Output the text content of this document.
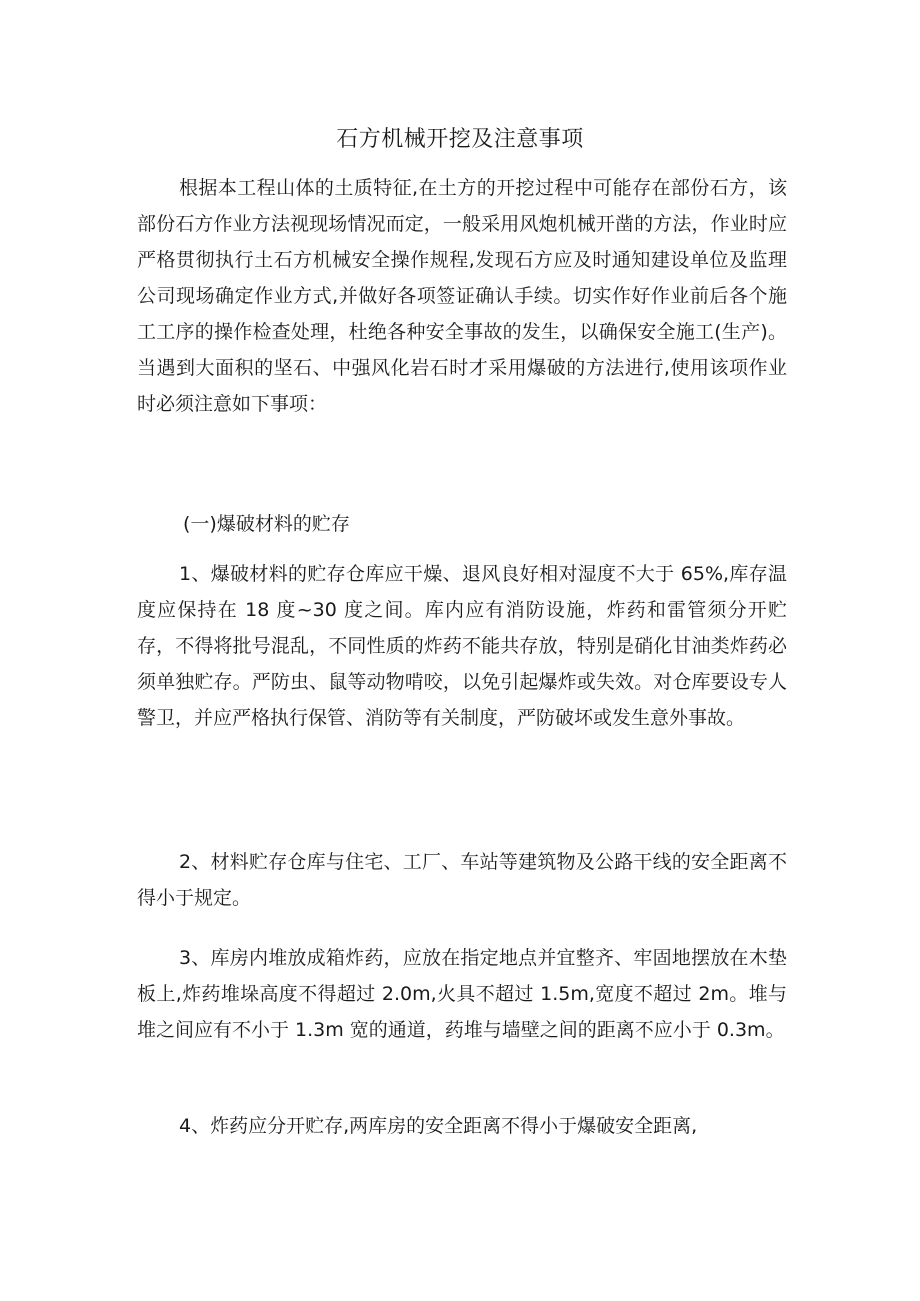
石方机械开挖及注意事项

根据本工程山体的土质特征,在土方的开挖过程中可能存在部份石方，该部份石方作业方法视现场情况而定，一般采用风炮机械开凿的方法，作业时应严格贯彻执行土石方机械安全操作规程,发现石方应及时通知建设单位及监理公司现场确定作业方式,并做好各项签证确认手续。切实作好作业前后各个施工工序的操作检查处理，杜绝各种安全事故的发生，以确保安全施工(生产)。当遇到大面积的坚石、中强风化岩石时才采用爆破的方法进行,使用该项作业时必须注意如下事项：

(一)爆破材料的贮存

1、爆破材料的贮存仓库应干燥、退风良好相对湿度不大于 65%,库存温度应保持在 18 度~30 度之间。库内应有消防设施，炸药和雷管须分开贮存，不得将批号混乱，不同性质的炸药不能共存放，特别是硝化甘油类炸药必须单独贮存。严防虫、鼠等动物啃咬，以免引起爆炸或失效。对仓库要设专人警卫，并应严格执行保管、消防等有关制度，严防破坏或发生意外事故。

2、材料贮存仓库与住宅、工厂、车站等建筑物及公路干线的安全距离不得小于规定。

3、库房内堆放成箱炸药，应放在指定地点并宜整齐、牢固地摆放在木垫板上,炸药堆垛高度不得超过 2.0m,火具不超过 1.5m,宽度不超过 2m。堆与堆之间应有不小于 1.3m 宽的通道，药堆与墙壁之间的距离不应小于 0.3m。

4、炸药应分开贮存,两库房的安全距离不得小于爆破安全距离,
